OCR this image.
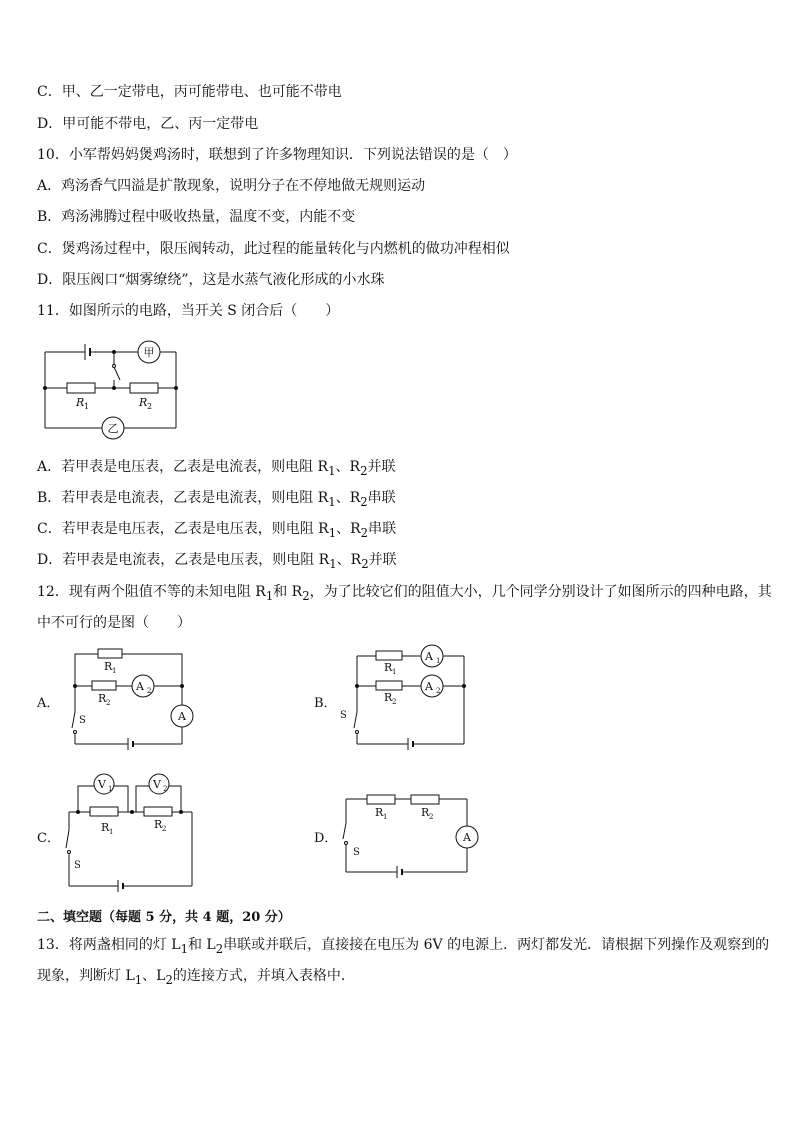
C．甲、乙一定带电，丙可能带电、也可能不带电
D．甲可能不带电，乙、丙一定带电
10．小军帮妈妈煲鸡汤时，联想到了许多物理知识．下列说法错误的是（　）
A．鸡汤香气四溢是扩散现象，说明分子在不停地做无规则运动
B．鸡汤沸腾过程中吸收热量，温度不变，内能不变
C．煲鸡汤过程中，限压阀转动，此过程的能量转化与内燃机的做功冲程相似
D．限压阀口“烟雾缭绕”，这是水蒸气液化形成的小水珠
11．如图所示的电路，当开关 S 闭合后（　　）
甲
R 1	R 2
乙
A．若甲表是电压表，乙表是电流表，则电阻 $R_1$、$R_2$并联
B．若甲表是电流表，乙表是电流表，则电阻 $R_1$、$R_2$串联
C．若甲表是电压表，乙表是电压表，则电阻 $R_1$、$R_2$串联
D．若甲表是电流表，乙表是电压表，则电阻 $R_1$、$R_2$并联
12．现有两个阻值不等的未知电阻 $R_1$和 $R_2$，为了比较它们的阻值大小，几个同学分别设计了如图所示的四种电路，其
中不可行的是图（　　）
A．
R 1
R 2
A 2
A
S
B．
R 1
A 1
R 2
A 2
S
C．
V 1	V 2
R 1
R 2
S
D．
R 1	R 2
A
S
二、填空题（每题 5 分，共 4 题，20 分）
13．将两盏相同的灯 $L_1$和 $L_2$串联或并联后，直接接在电压为 6V 的电源上．两灯都发光．请根据下列操作及观察到的
现象，判断灯 $L_1$、$L_2$的连接方式，并填入表格中．
